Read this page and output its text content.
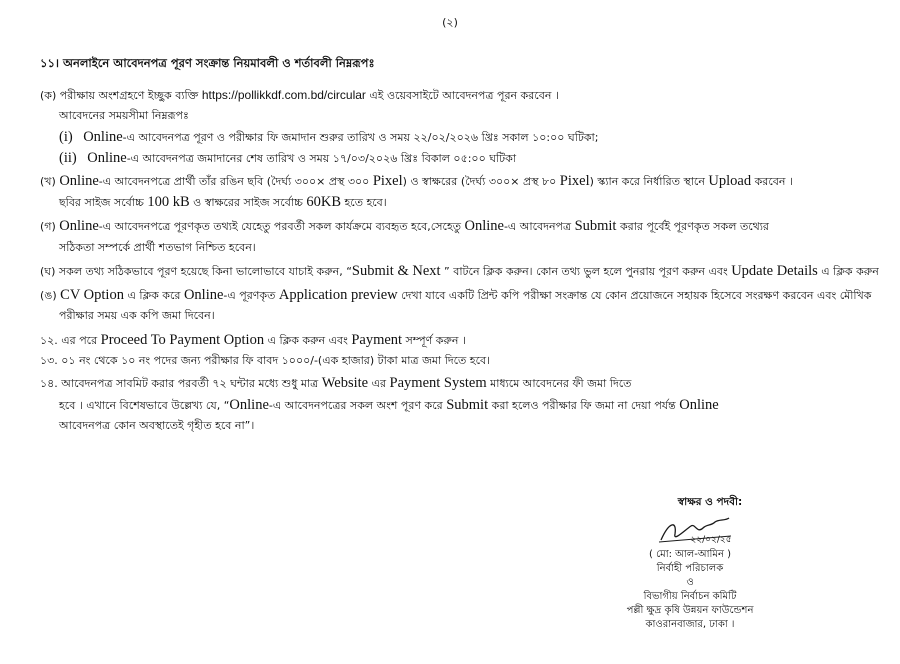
(২)
১১। অনলাইনে আবেদনপত্র পূরণ সংক্রান্ত নিয়মাবলী ও শর্তাবলী নিম্নরূপঃ
(ক) পরীক্ষায় অংশগ্রহণে ইচ্ছুক ব্যক্তি https://pollikkdf.com.bd/circular এই ওয়েবসাইটে আবেদনপত্র পূরন করবেন ।
আবেদনের সময়সীমা নিম্নরূপঃ
(i) Online-এ আবেদনপত্র পূরণ ও পরীক্ষার ফি জমাদান শুরুর তারিখ ও সময় ২২/০২/২০২৬ খ্রিঃ সকাল ১০:০০ ঘটিকা;
(ii) Online-এ আবেদনপত্র জমাদানের শেষ তারিখ ও সময় ১৭/০৩/২০২৬ খ্রিঃ বিকাল ০৫:০০ ঘটিকা
(খ) Online-এ আবেদনপত্রে প্রার্থী তাঁর রঙিন ছবি (দৈর্ঘ্য ৩০০× প্রস্থ ৩০০ Pixel) ও স্বাক্ষরের (দৈর্ঘ্য ৩০০× প্রস্থ ৮০ Pixel) স্ক্যান করে নির্ধারিত স্থানে Upload করবেন ।
ছবির সাইজ সর্বোচ্চ 100 kB ও স্বাক্ষরের সাইজ সর্বোচ্চ 60KB হতে হবে।
(গ) Online-এ আবেদনপত্রে পূরণকৃত তথ্যই যেহেতু পরবর্তী সকল কার্যক্রমে ব্যবহৃত হবে,সেহেতু Online-এ আবেদনপত্র Submit করার পূর্বেই পূরণকৃত সকল তথ্যের
সঠিকতা সম্পর্কে প্রার্থী শতভাগ নিশ্চিত হবেন।
(ঘ) সকল তথ্য সঠিকভাবে পূরণ হয়েছে কিনা ভালোভাবে যাচাই করুন, “Submit & Next ” বাটনে ক্লিক করুন। কোন তথ্য ভুল হলে পুনরায় পূরণ করুন এবং Update Details এ ক্লিক করুন
(ঙ) CV Option এ ক্লিক করে Online-এ পূরণকৃত Application preview দেখা যাবে একটি প্রিন্ট কপি পরীক্ষা সংক্রান্ত যে কোন প্রয়োজনে সহায়ক হিসেবে সংরক্ষণ করবেন এবং মৌখিক
পরীক্ষার সময় এক কপি জমা দিবেন।
১২. এর পরে Proceed To Payment Option এ ক্লিক করুন এবং Payment সম্পূর্ণ করুন ।
১৩. ০১ নং থেকে ১০ নং পদের জন্য পরীক্ষার ফি বাবদ ১০০০/-(এক হাজার) টাকা মাত্র জমা দিতে হবে।
১৪. আবেদনপত্র সাবমিট করার পরবর্তী ৭২ ঘন্টার মধ্যে শুধু মাত্র Website এর Payment System মাধ্যমে আবেদনের ফী জমা দিতে
হবে । এখানে বিশেষভাবে উল্লেখ্য যে, “Online-এ আবেদনপত্রের সকল অংশ পূরণ করে Submit করা হলেও পরীক্ষার ফি জমা না দেয়া পর্যন্ত Online
আবেদনপত্র কোন অবস্থাতেই গৃহীত হবে না”।
স্বাক্ষর ও পদবী:
২২/০২/২৫
( মো: আল-আমিন )
নির্বাহী পরিচালক
ও
বিভাগীয় নির্বাচন কমিটি
পল্লী ক্ষুদ্র কৃষি উন্নয়ন ফাউন্ডেশন
কাওরানবাজার, ঢাকা ।
